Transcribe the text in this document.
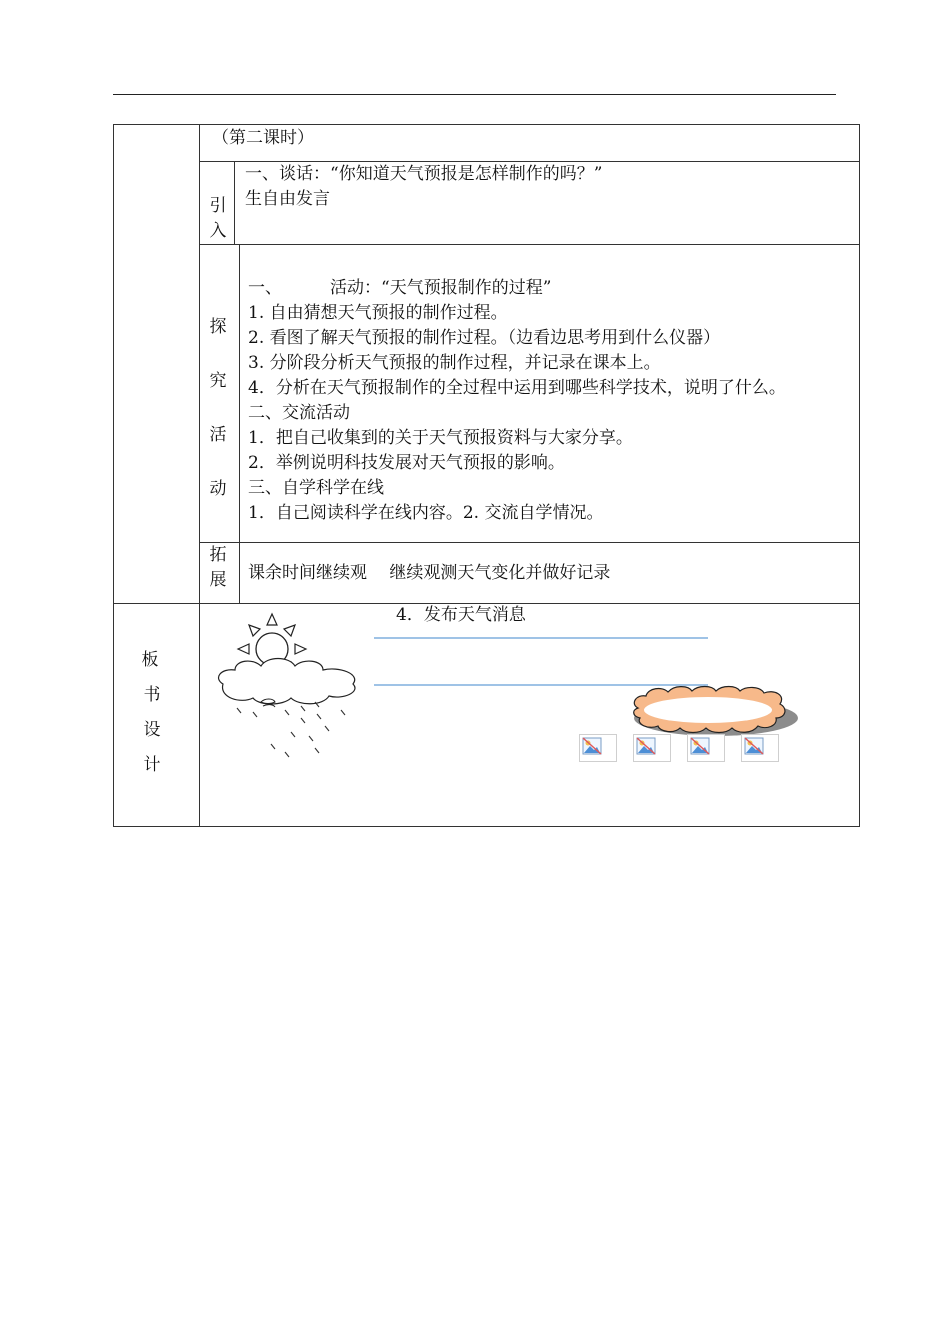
（第二课时）
引入
一、谈话：“你知道天气预报是怎样制作的吗？”
生自由发言
探
究
活
动
一、	活动：“天气预报制作的过程”
1. 自由猜想天气预报的制作过程。
2. 看图了解天气预报的制作过程。（边看边思考用到什么仪器）
3. 分阶段分析天气预报的制作过程，并记录在课本上。
4．分析在天气预报制作的全过程中运用到哪些科学技术，说明了什么。
二、交流活动
1．把自己收集到的关于天气预报资料与大家分享。
2．举例说明科技发展对天气预报的影响。
三、自学科学在线
1．自己阅读科学在线内容。2. 交流自学情况。
拓
展	课余时间继续观　 继续观测天气变化并做好记录
板
书
设
计
4．发布天气消息
